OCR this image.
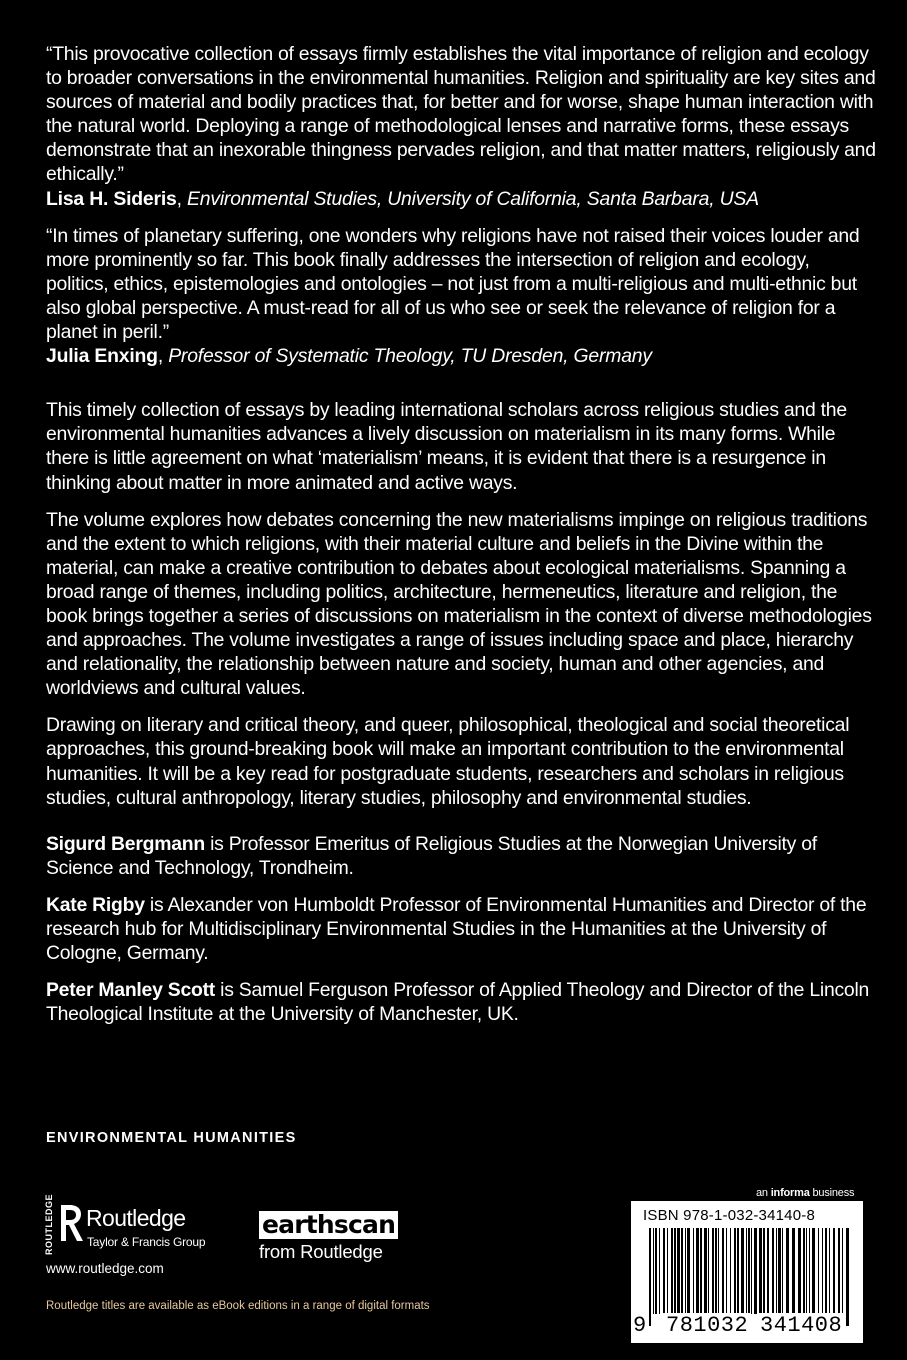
“This provocative collection of essays firmly establishes the vital importance of religion and ecology to broader conversations in the environmental humanities. Religion and spirituality are key sites and sources of material and bodily practices that, for better and for worse, shape human interaction with the natural world. Deploying a range of methodological lenses and narrative forms, these essays demonstrate that an inexorable thingness pervades religion, and that matter matters, religiously and ethically.”

Lisa H. Sideris, Environmental Studies, University of California, Santa Barbara, USA

“In times of planetary suffering, one wonders why religions have not raised their voices louder and more prominently so far. This book finally addresses the intersection of religion and ecology, politics, ethics, epistemologies and ontologies – not just from a multi-religious and multi-ethnic but also global perspective. A must-read for all of us who see or seek the relevance of religion for a planet in peril.”

Julia Enxing, Professor of Systematic Theology, TU Dresden, Germany

This timely collection of essays by leading international scholars across religious studies and the environmental humanities advances a lively discussion on materialism in its many forms. While there is little agreement on what ‘materialism’ means, it is evident that there is a resurgence in thinking about matter in more animated and active ways.

The volume explores how debates concerning the new materialisms impinge on religious traditions and the extent to which religions, with their material culture and beliefs in the Divine within the material, can make a creative contribution to debates about ecological materialisms. Spanning a broad range of themes, including politics, architecture, hermeneutics, literature and religion, the book brings together a series of discussions on materialism in the context of diverse methodologies and approaches. The volume investigates a range of issues including space and place, hierarchy and relationality, the relationship between nature and society, human and other agencies, and worldviews and cultural values.

Drawing on literary and critical theory, and queer, philosophical, theological and social theoretical approaches, this ground-breaking book will make an important contribution to the environmental humanities. It will be a key read for postgraduate students, researchers and scholars in religious studies, cultural anthropology, literary studies, philosophy and environmental studies.

Sigurd Bergmann is Professor Emeritus of Religious Studies at the Norwegian University of Science and Technology, Trondheim.

Kate Rigby is Alexander von Humboldt Professor of Environmental Humanities and Director of the research hub for Multidisciplinary Environmental Studies in the Humanities at the University of Cologne, Germany.

Peter Manley Scott is Samuel Ferguson Professor of Applied Theology and Director of the Lincoln Theological Institute at the University of Manchester, UK.

ENVIRONMENTAL HUMANITIES
ROUTLEDGE Routledge
Taylor & Francis Group
www.routledge.com
earthscan
from Routledge
Routledge titles are available as eBook editions in a range of digital formats
an informa business
ISBN 978-1-032-34140-8
9 781032 341408
